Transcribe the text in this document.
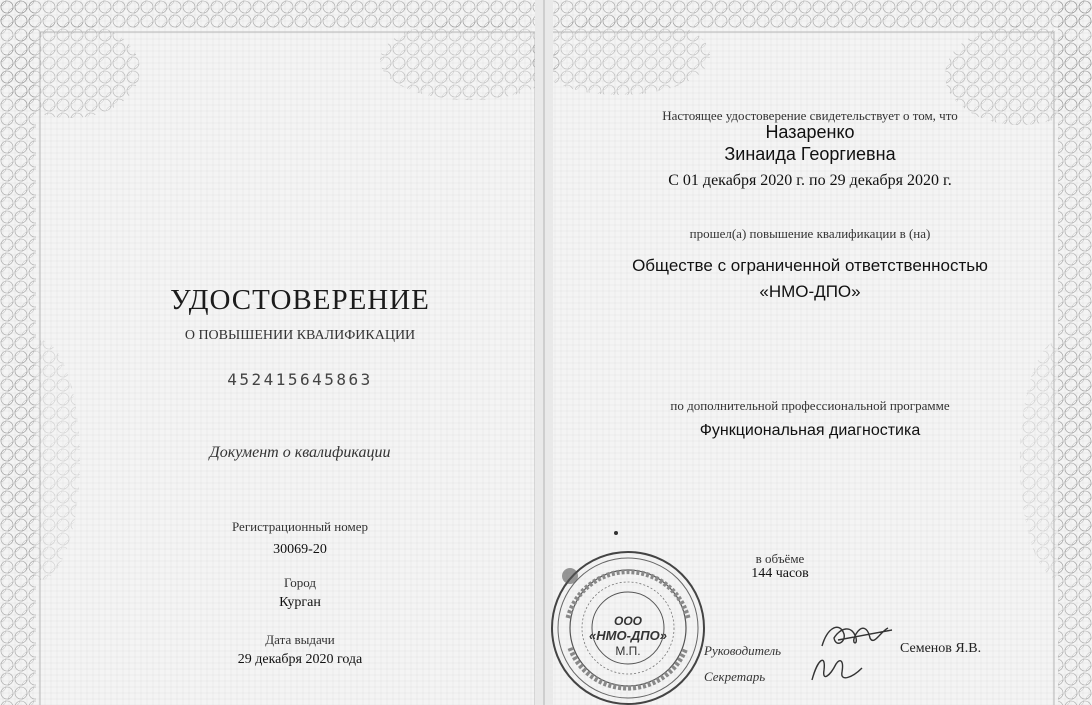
УДОСТОВЕРЕНИЕ
О ПОВЫШЕНИИ КВАЛИФИКАЦИИ
452415645863
Документ о квалификации
Регистрационный номер
30069-20
Город
Курган
Дата выдачи
29 декабря 2020 года
Настоящее удостоверение свидетельствует о том, что
Назаренко
Зинаида Георгиевна
С 01 декабря 2020 г. по 29 декабря 2020 г.
прошел(а) повышение квалификации в (на)
Обществе с ограниченной ответственностью
«НМО-ДПО»
по дополнительной профессиональной программе
Функциональная диагностика
в объёме
144 часов
ООО
«НМО-ДПО»
М.П.	Руководитель	Семенов Я.В.
Секретарь
